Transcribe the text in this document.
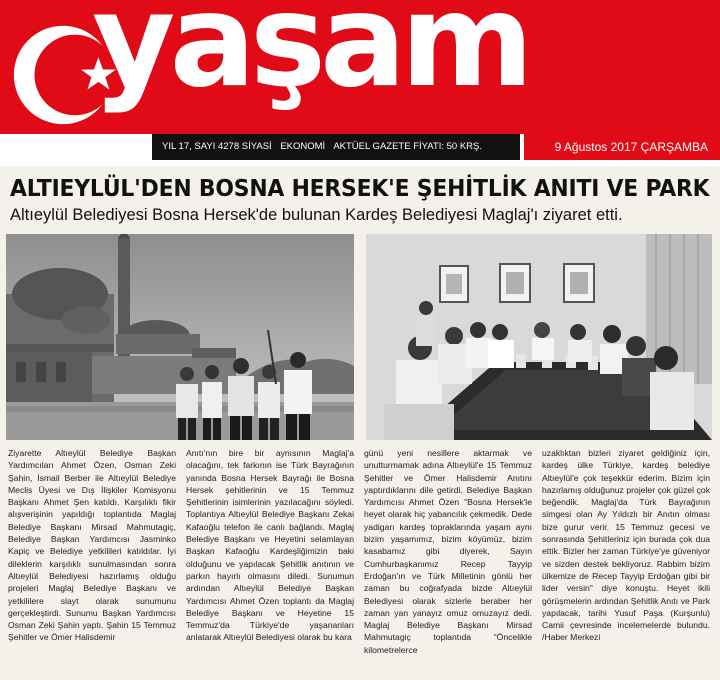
yaşam
YIL 17, SAYI 4278 SİYASİ EKONOMİ AKTÜEL GAZETE FİYATI: 50 KRŞ.	9 Ağustos 2017 ÇARŞAMBA
ALTIEYLÜL'DEN BOSNA HERSEK'E ŞEHİTLİK ANITI VE PARK
Altıeylül Belediyesi Bosna Hersek'de bulunan Kardeş Belediyesi Maglaj'ı ziyaret etti.

Ziyarette Altıeylül Belediye Başkan Yardımcıları Ahmet Özen, Osman Zeki Şahin, İsmail Berber ile Altıeylül Belediye Meclis Üyesi ve Dış İlişkiler Komisyonu Başkanı Ahmet Şen katıldı. Karşılıklı fikir alışverişinin yapıldığı toplantıda Maglaj Belediye Başkanı Mirsad Mahmutagiç, Belediye Başkan Yardımcısı Jasminko Kapiç ve Belediye yetkilileri katıldılar. İyi dileklerin karşılıklı sunulmasından sonra Altıeylül Belediyesi hazırlamış olduğu projeleri Maglaj Belediye Başkanı ve yetkililere slayt olarak sunumunu gerçekleştirdi. Sunumu Başkan Yardımcısı Osman Zeki Şahin yaptı. Şahin 15 Temmuz Şehitler ve Ömer Halisdemir

Anıtı'nın bire bir aynısının Maglaj'a olacağını, tek farkının ise Türk Bayrağının yanında Bosna Hersek Bayrağı ile Bosna Hersek şehitlerinin ve 15 Temmuz Şehitlerinin isimlerinin yazılacağını söyledi. Toplantıya Altıeylül Belediye Başkanı Zekai Kafaoğlu telefon ile canlı bağlandı. Maglaj Belediye Başkanı ve Heyetini selamlayan Başkan Kafaoğlu Kardeşliğimizin baki olduğunu ve yapılacak Şehitlik anıtının ve parkın hayırlı olmasını diledi. Sunumun ardından Altıeylül Belediye Başkan Yardımcısı Ahmet Özen toplantı da Maglaj Belediye Başkanı ve Heyetine 15 Temmuz'da Türkiye'de yaşananları anlatarak Altıeylül Belediyesi olarak bu kara

günü yeni nesillere aktarmak ve unutturmamak adına Altıeylül'e 15 Temmuz Şehitler ve Ömer Halisdemir Anıtını yaptırdıklarını dile getirdi. Belediye Başkan Yardımcısı Ahmet Özen "Bosna Hersek'le heyet olarak hiç yabancılık çekmedik. Dede yadigarı kardeş topraklarında yaşam aynı bizim yaşamımız, bizim köyümüz, bizim kasabamız gibi diyerek, Sayın Cumhurbaşkanımız Recep Tayyip Erdoğan'ın ve Türk Milletinin gönlü her zaman bu coğrafyada bizde Altıeylül Belediyesi olarak sizlerle beraber her zaman yan yanayız omuz omuzayız dedi. Maglaj Belediye Başkanı Mirsad Mahmutagiç toplantıda "Öncelikle kilometrelerce

uzaklıktan bizleri ziyaret geldiğiniz için, kardeş ülke Türkiye, kardeş belediye Altıeylül'e çok teşekkür ederim. Bizim için hazırlamış olduğunuz projeler çok güzel çok beğendik. Maglaj'da Türk Bayrağının simgesi olan Ay Yıldızlı bir Anıtın olması bize gurur verir. 15 Temmuz gecesi ve sonrasında Şehitleriniz için burada çok dua ettik. Bizler her zaman Türkiye'ye güveniyor ve sizden destek bekliyoruz. Rabbim bizim ülkemize de Recep Tayyip Erdoğan gibi bir lider versin" diye konuştu. Heyet ikili görüşmelerin ardından Şehitlik Anıtı ve Park yapılacak, tarihi Yusuf Paşa (Kurşunlu) Camii çevresinde incelemelerde bulundu. /Haber Merkezi
